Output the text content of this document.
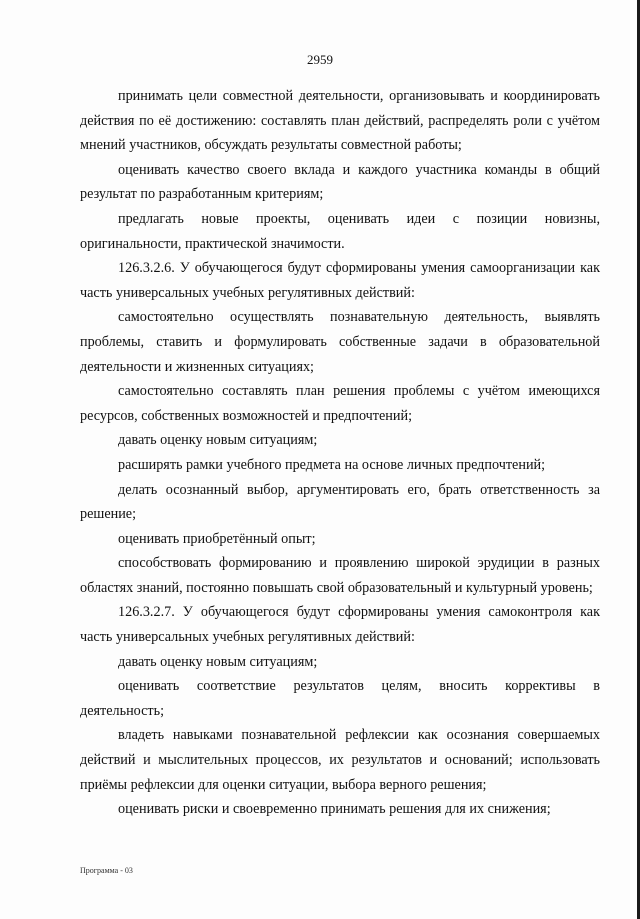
2959

принимать цели совместной деятельности, организовывать и координировать действия по её достижению: составлять план действий, распределять роли с учётом мнений участников, обсуждать результаты совместной работы;

оценивать качество своего вклада и каждого участника команды в общий результат по разработанным критериям;

предлагать новые проекты, оценивать идеи с позиции новизны, оригинальности, практической значимости.

126.3.2.6. У обучающегося будут сформированы умения самоорганизации как часть универсальных учебных регулятивных действий:

самостоятельно осуществлять познавательную деятельность, выявлять проблемы, ставить и формулировать собственные задачи в образовательной деятельности и жизненных ситуациях;

самостоятельно составлять план решения проблемы с учётом имеющихся ресурсов, собственных возможностей и предпочтений;

давать оценку новым ситуациям;

расширять рамки учебного предмета на основе личных предпочтений;

делать осознанный выбор, аргументировать его, брать ответственность за решение;

оценивать приобретённый опыт;

способствовать формированию и проявлению широкой эрудиции в разных областях знаний, постоянно повышать свой образовательный и культурный уровень;

126.3.2.7. У обучающегося будут сформированы умения самоконтроля как часть универсальных учебных регулятивных действий:

давать оценку новым ситуациям;

оценивать соответствие результатов целям, вносить коррективы в деятельность;

владеть навыками познавательной рефлексии как осознания совершаемых действий и мыслительных процессов, их результатов и оснований; использовать приёмы рефлексии для оценки ситуации, выбора верного решения;

оценивать риски и своевременно принимать решения для их снижения;

Программа - 03
